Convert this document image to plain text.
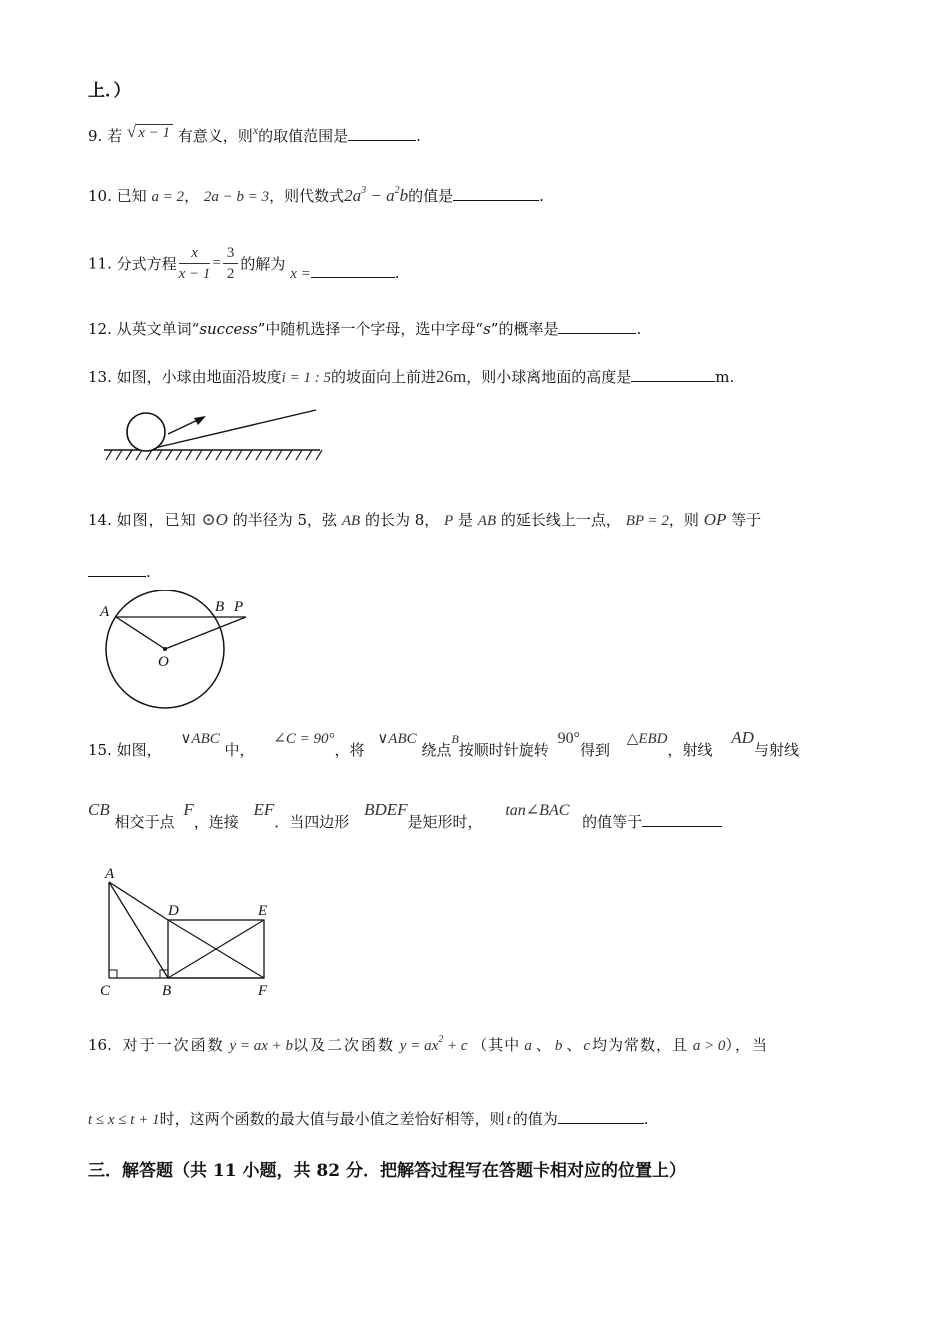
上．）
9. 若 √ x − 1 有意义，则$^x$的取值范围是	.
10. 已知 a = 2， 2a − b = 3，则代数式$2a^3 - a^2b$的值是	.
11. 分式方程 $\frac{x}{x - 1} = \frac{3}{2}$ 的解为 x =	.
12. 从英文单词“success”中随机选择一个字母，选中字母“s”的概率是	.
13. 如图，小球由地面沿坡度i = 1 : 5的坡面向上前进26m，则小球离地面的高度是	m.
14. 如图，已知 ⊙O 的半径为 5，弦 AB 的长为 8， P 是 AB 的延长线上一点， BP = 2，则 OP 等于
.
A	B P
O
15. 如图， ∨ABC 中， ∠C = 90°，将 ∨ABC 绕点B按顺时针旋转 90°得到 △EBD，射线 AD与射线
CB 相交于点 F，连接 EF．当四边形 BDEF是矩形时， tan∠BAC 的值等于
A
C	B
D	E
F
16. 对于一次函数 y = ax + b以及二次函数 $y = ax^2 + c$ （其中 a 、 b 、 c 均为常数，且 a > 0），当
t ≤ x ≤ t + 1时，这两个函数的最大值与最小值之差恰好相等，则 t 的值为	.
三．解答题（共 11 小题，共 82 分．把解答过程写在答题卡相对应的位置上）
